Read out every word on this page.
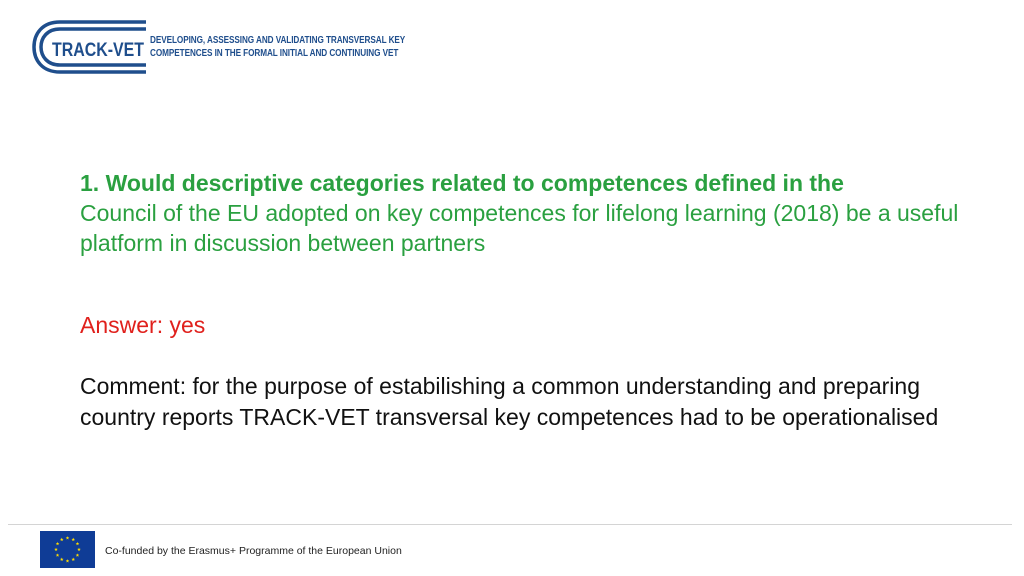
TRACK-VET DEVELOPING, ASSESSING AND VALIDATING TRANSVERSAL KEY
COMPETENCES IN THE FORMAL INITIAL AND CONTINUING VET

1. Would descriptive categories related to competences defined in the
Council of the EU adopted on key competences for lifelong learning (2018) be a useful platform in discussion between partners

Answer: yes

Comment: for the purpose of estabilishing a common understanding and preparing country reports TRACK-VET transversal key competences had to be operationalised

Co-funded by the Erasmus+ Programme of the European Union
